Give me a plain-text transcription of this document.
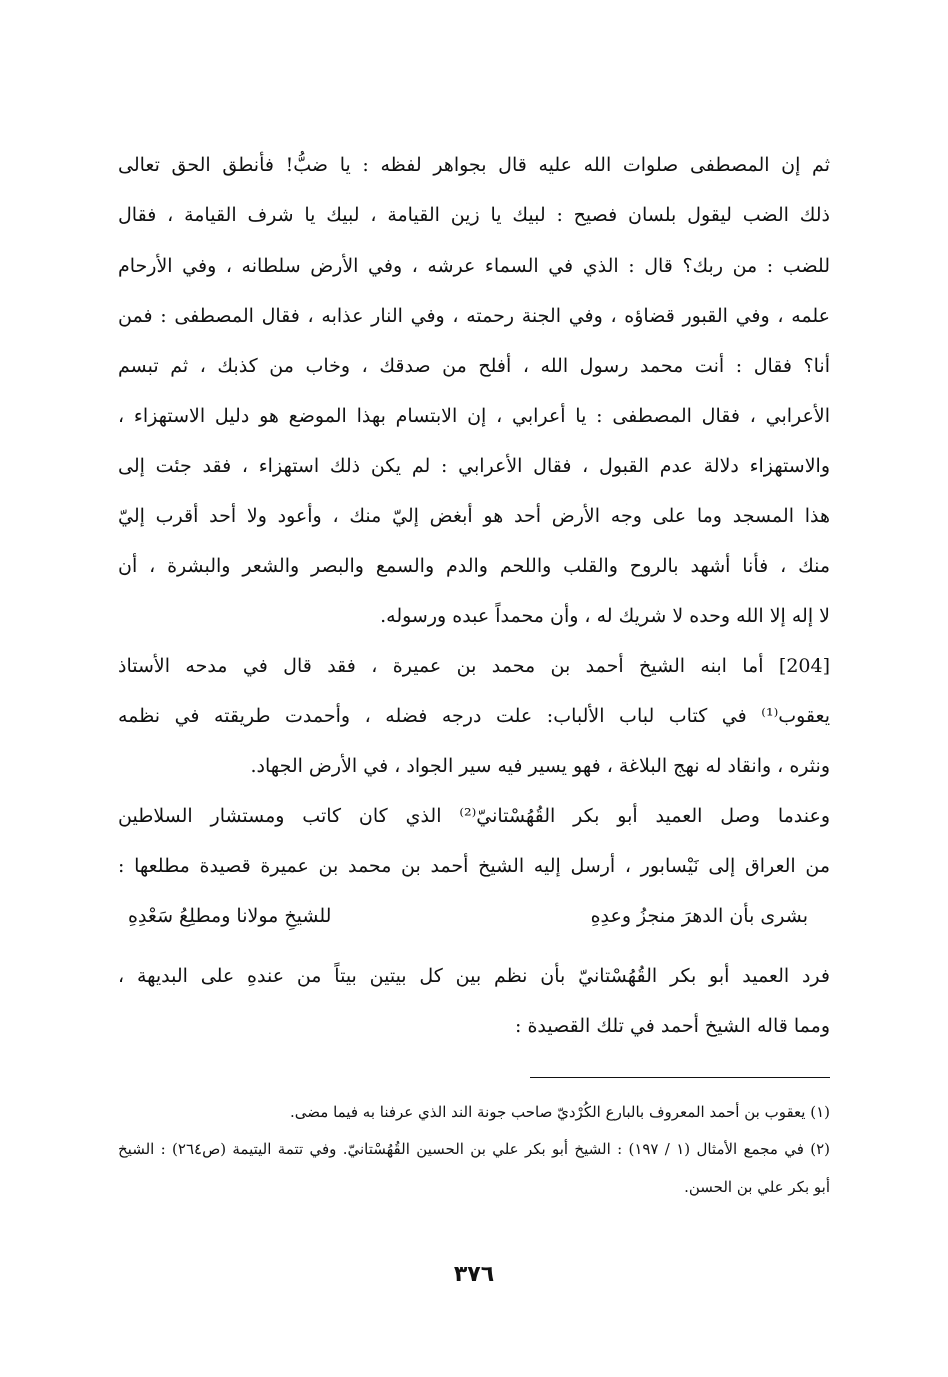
ثم إن المصطفى صلوات الله عليه قال بجواهر لفظه : يا ضبُّ! فأنطق الحق تعالى
ذلك الضب ليقول بلسان فصيح : لبيك يا زين القيامة ، لبيك يا شرف القيامة ، فقال
للضب : من ربك؟ قال : الذي في السماء عرشه ، وفي الأرض سلطانه ، وفي الأرحام
علمه ، وفي القبور قضاؤه ، وفي الجنة رحمته ، وفي النار عذابه ، فقال المصطفى : فمن
أنا؟ فقال : أنت محمد رسول الله ، أفلح من صدقك ، وخاب من كذبك ، ثم تبسم
الأعرابي ، فقال المصطفى : يا أعرابي ، إن الابتسام بهذا الموضع هو دليل الاستهزاء ،
والاستهزاء دلالة عدم القبول ، فقال الأعرابي : لم يكن ذلك استهزاء ، فقد جئت إلى
هذا المسجد وما على وجه الأرض أحد هو أبغض إليّ منك ، وأعود ولا أحد أقرب إليّ
منك ، فأنا أشهد بالروح والقلب واللحم والدم والسمع والبصر والشعر والبشرة ، أن
لا إله إلا الله وحده لا شريك له ، وأن محمداً عبده ورسوله.
[204] أما ابنه الشيخ أحمد بن محمد بن عميرة ، فقد قال في مدحه الأستاذ
يعقوب⁽¹⁾ في كتاب لباب الألباب: علت درجه فضله ، وأحمدت طريقته في نظمه
ونثره ، وانقاد له نهج البلاغة ، فهو يسير فيه سير الجواد ، في الأرض الجهاد.
وعندما وصل العميد أبو بكر القُهُسْتانيّ⁽²⁾ الذي كان كاتب ومستشار السلاطين
من العراق إلى نَيْسابور ، أرسل إليه الشيخ أحمد بن محمد بن عميرة قصيدة مطلعها :
بشرى بأن الدهرَ منجزُ وعدِهِ
للشيخِ مولانا ومطلِعُ سَعْدِهِ
فرد العميد أبو بكر القُهُسْتانيّ بأن نظم بين كل بيتين بيتاً من عندهِ على البديهة ،
ومما قاله الشيخ أحمد في تلك القصيدة :
(١) يعقوب بن أحمد المعروف بالبارع الكُرْديّ صاحب جونة الند الذي عرفنا به فيما مضى.
(٢) في مجمع الأمثال (١ / ١٩٧) : الشيخ أبو بكر علي بن الحسين القُهُسْتانيّ. وفي تتمة اليتيمة (ص٢٦٤) : الشيخ
أبو بكر علي بن الحسن.
٣٧٦
